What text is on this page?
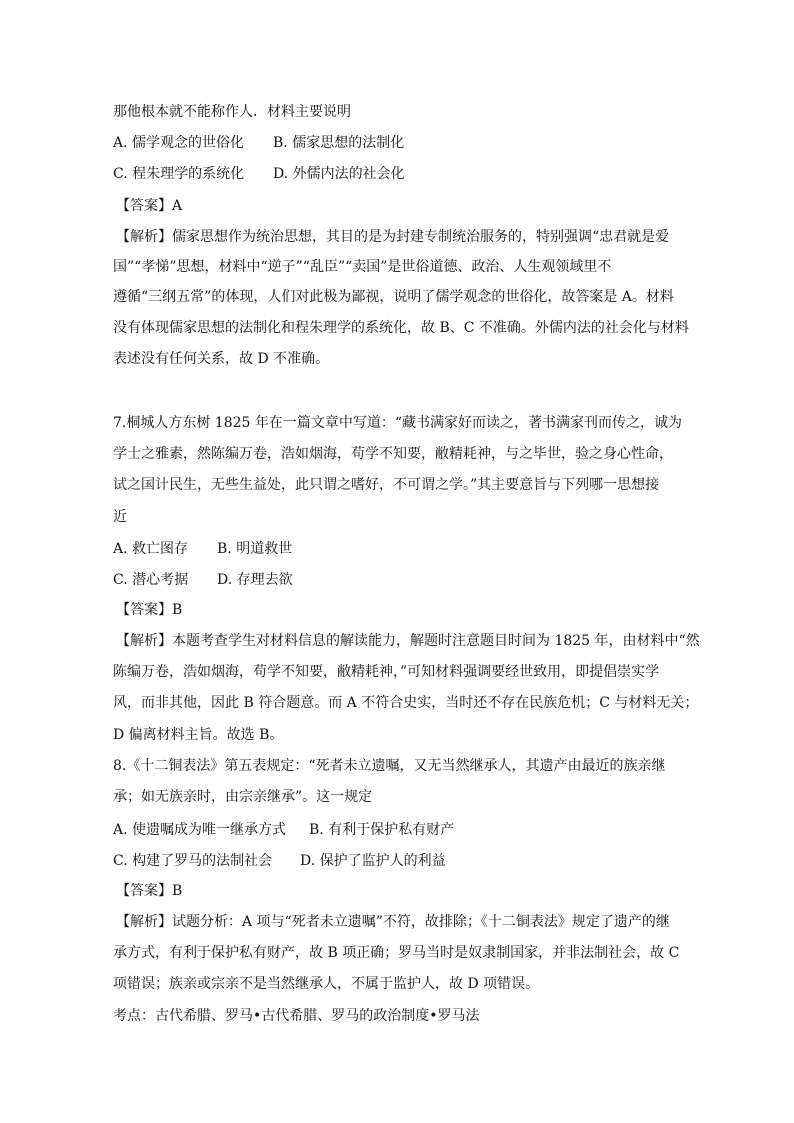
那他根本就不能称作人．材料主要说明
A. 儒学观念的世俗化 B. 儒家思想的法制化
C. 程朱理学的系统化 D. 外儒内法的社会化
【答案】A
【解析】儒家思想作为统治思想，其目的是为封建专制统治服务的，特别强调“忠君就是爱
国”“孝悌”思想，材料中“逆子”“乱臣”“卖国”是世俗道德、政治、人生观领域里不
遵循“三纲五常”的体现，人们对此极为鄙视，说明了儒学观念的世俗化，故答案是 A。材料
没有体现儒家思想的法制化和程朱理学的系统化，故 B、C 不准确。外儒内法的社会化与材料
表述没有任何关系，故 D 不准确。
7.桐城人方东树 1825 年在一篇文章中写道：“藏书满家好而读之，著书满家刊而传之，诚为
学士之雅素，然陈编万卷，浩如烟海，苟学不知要，敝精耗神，与之毕世，验之身心性命，
试之国计民生，无些生益处，此只谓之嗜好，不可谓之学。”其主要意旨与下列哪一思想接
近
A. 救亡图存 B. 明道救世
C. 潜心考据 D. 存理去欲
【答案】B
【解析】本题考查学生对材料信息的解读能力，解题时注意题目时间为 1825 年，由材料中“然
陈编万卷，浩如烟海，苟学不知要，敝精耗神，”可知材料强调要经世致用，即提倡崇实学
风，而非其他，因此 B 符合题意。而 A 不符合史实，当时还不存在民族危机；C 与材料无关；
D 偏离材料主旨。故选 B。
8.《十二铜表法》第五表规定：“死者未立遗嘱，又无当然继承人，其遗产由最近的族亲继
承；如无族亲时，由宗亲继承”。这一规定
A. 使遗嘱成为唯一继承方式 B. 有利于保护私有财产
C. 构建了罗马的法制社会 D. 保护了监护人的利益
【答案】B
【解析】试题分析：A 项与“死者未立遗嘱”不符，故排除；《十二铜表法》规定了遗产的继
承方式，有利于保护私有财产，故 B 项正确；罗马当时是奴隶制国家，并非法制社会，故 C
项错误；族亲或宗亲不是当然继承人，不属于监护人，故 D 项错误。
考点：古代希腊、罗马•古代希腊、罗马的政治制度•罗马法
